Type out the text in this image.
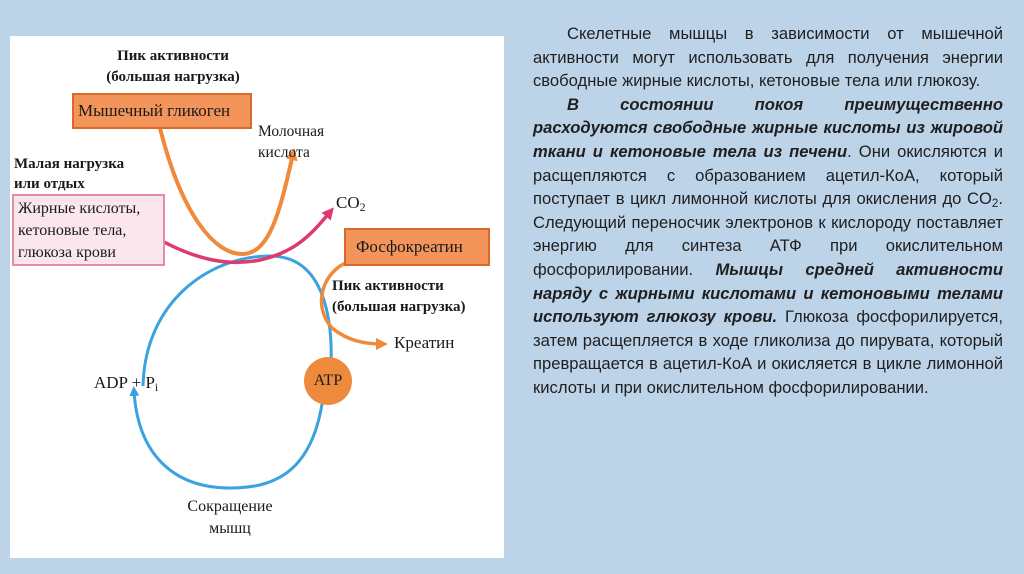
Пик активности
(большая нагрузка)
Мышечный гликоген
Молочная
кислота
Малая нагрузка
или отдых
Жирные кислоты,
кетоновые тела,
глюкоза крови
$CO_2$
Фосфокреатин
Пик активности
(большая нагрузка)
Креатин
ADP + $P_i$	ATP
Сокращение
мышц

Скелетные мышцы в зависимости от мышечной активности могут использовать для получения энергии свободные жирные кислоты, кетоновые тела или глюкозу.

В состоянии покоя преимущественно расходуются свободные жирные кислоты из жировой ткани и кетоновые тела из печени. Они окисляются и расщепляются с образованием ацетил-КоА, который поступает в цикл лимонной кислоты для окисления до $CO_2$. Следующий переносчик электронов к кислороду поставляет энергию для синтеза АТФ при окислительном фосфорилировании. Мышцы средней активности наряду с жирными кислотами и кетоновыми телами используют глюкозу крови. Глюкоза фосфорилируется, затем расщепляется в ходе гликолиза до пирувата, который превращается в ацетил-КоА и окисляется в цикле лимонной кислоты и при окислительном фосфорилировании.
